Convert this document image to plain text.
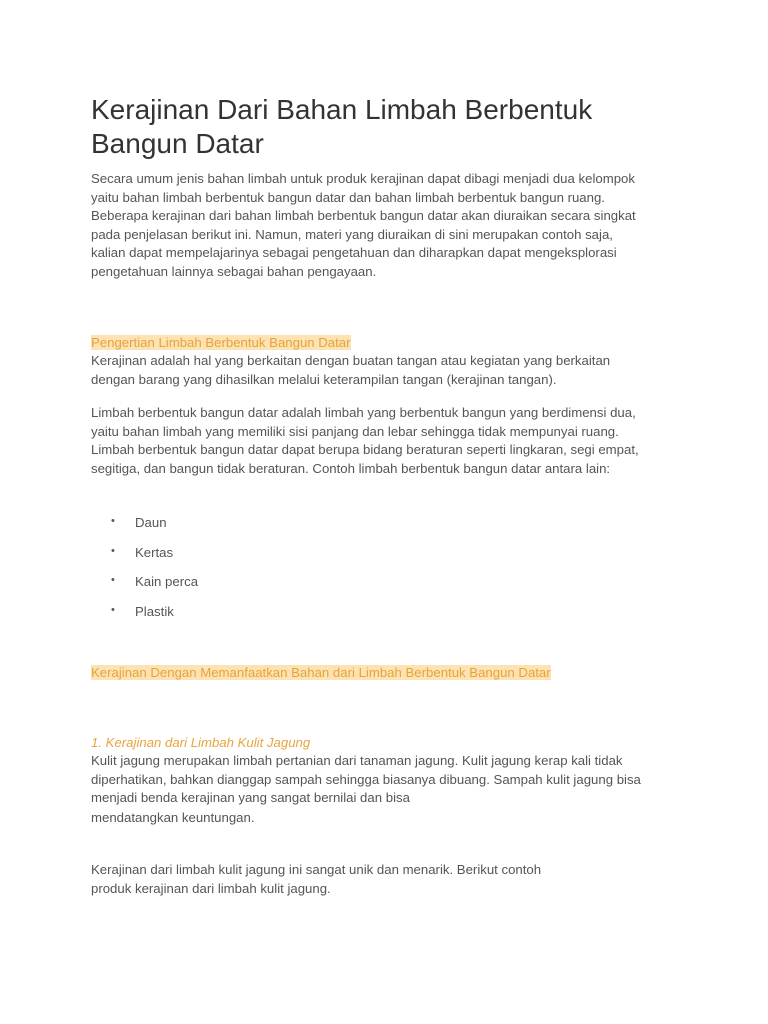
Kerajinan Dari Bahan Limbah Berbentuk Bangun Datar

Secara umum jenis bahan limbah untuk produk kerajinan dapat dibagi menjadi dua kelompok yaitu bahan limbah berbentuk bangun datar dan bahan limbah berbentuk bangun ruang. Beberapa kerajinan dari bahan limbah berbentuk bangun datar akan diuraikan secara singkat pada penjelasan berikut ini. Namun, materi yang diuraikan di sini merupakan contoh saja, kalian dapat mempelajarinya sebagai pengetahuan dan diharapkan dapat mengeksplorasi pengetahuan lainnya sebagai bahan pengayaan.

Pengertian Limbah Berbentuk Bangun Datar

Kerajinan adalah hal yang berkaitan dengan buatan tangan atau kegiatan yang berkaitan dengan barang yang dihasilkan melalui keterampilan tangan (kerajinan tangan).

Limbah berbentuk bangun datar adalah limbah yang berbentuk bangun yang berdimensi dua, yaitu bahan limbah yang memiliki sisi panjang dan lebar sehingga tidak mempunyai ruang. Limbah berbentuk bangun datar dapat berupa bidang beraturan seperti lingkaran, segi empat, segitiga, dan bangun tidak beraturan. Contoh limbah berbentuk bangun datar antara lain:

• Daun
• Kertas
• Kain perca
• Plastik
Kerajinan Dengan Memanfaatkan Bahan dari Limbah Berbentuk Bangun Datar
1. Kerajinan dari Limbah Kulit Jagung

Kulit jagung merupakan limbah pertanian dari tanaman jagung. Kulit jagung kerap kali tidak diperhatikan, bahkan dianggap sampah sehingga biasanya dibuang. Sampah kulit jagung bisa menjadi benda kerajinan yang sangat bernilai dan bisa

mendatangkan keuntungan.

Kerajinan dari limbah kulit jagung ini sangat unik dan menarik. Berikut contoh

produk kerajinan dari limbah kulit jagung.
